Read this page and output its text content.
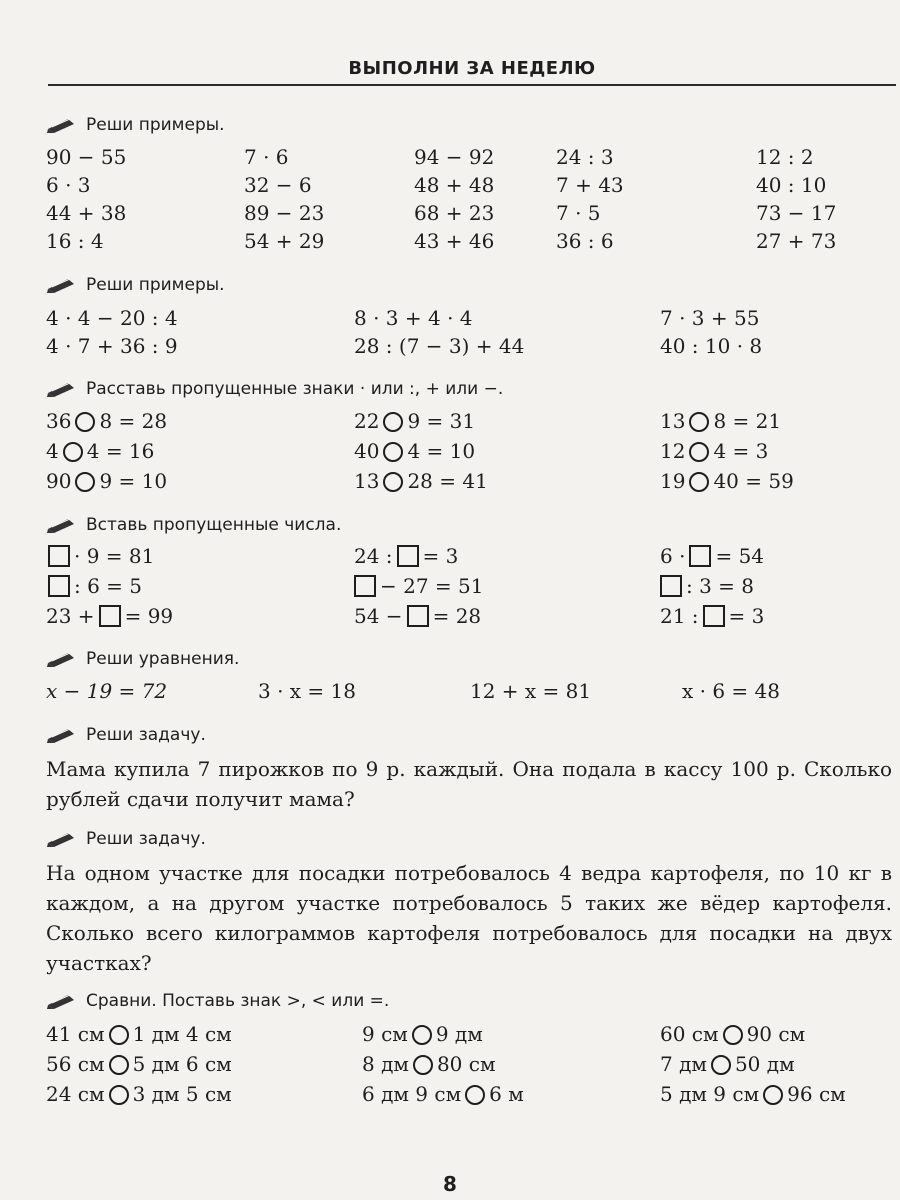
ВЫПОЛНИ ЗА НЕДЕЛЮ
Реши примеры.
90 − 55	7 · 6	94 − 92	24 : 3	12 : 2
6 · 3	32 − 6	48 + 48	7 + 43	40 : 10
44 + 38	89 − 23	68 + 23	7 · 5	73 − 17
16 : 4	54 + 29	43 + 46	36 : 6	27 + 73
Реши примеры.
4 · 4 − 20 : 4	8 · 3 + 4 · 4	7 · 3 + 55
4 · 7 + 36 : 9	28 : (7 − 3) + 44	40 : 10 · 8
Расставь пропущенные знаки · или :, + или −.
36 8 = 28	22 9 = 31	13 8 = 21
4 4 = 16	40 4 = 10	12 4 = 3
90 9 = 10	13 28 = 41	19 40 = 59
Вставь пропущенные числа.
· 9 = 81	24 : = 3	6 · = 54
: 6 = 5	− 27 = 51	: 3 = 8
23 + = 99	54 − = 28	21 : = 3
Реши уравнения.
x − 19 = 72	3 · x = 18	12 + x = 81	x · 6 = 48
Реши задачу.
Мама купила 7 пирожков по 9 р. каждый. Она подала в кассу 100 р. Сколько рублей сдачи получит мама?
Реши задачу.
На одном участке для посадки потребовалось 4 ведра картофеля, по 10 кг в каждом, а на другом участке потребовалось 5 таких же вёдер картофеля. Сколько всего килограммов картофеля потребовалось для посадки на двух участках?
Сравни. Поставь знак >, < или =.
41 см 1 дм 4 см	9 см 9 дм	60 см 90 см
56 см 5 дм 6 см	8 дм 80 см	7 дм 50 дм
24 см 3 дм 5 см	6 дм 9 см 6 м	5 дм 9 см 96 см
8
